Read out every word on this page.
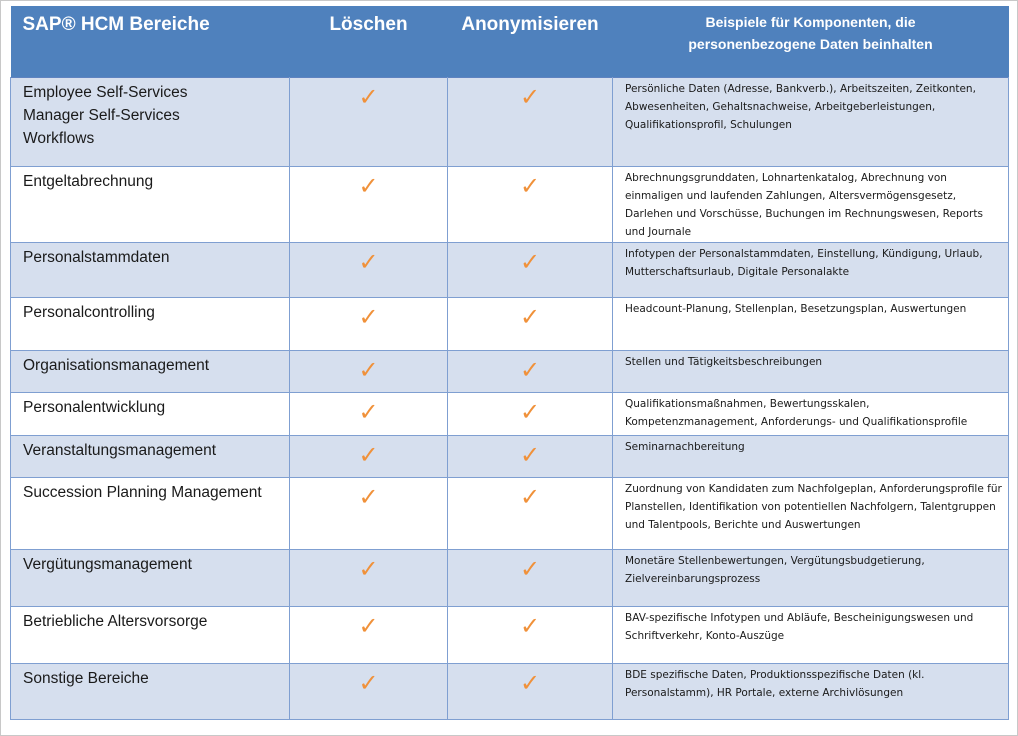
SAP® HCM Bereiche	Löschen	Anonymisieren	Beispiele für Komponenten, die
personenbezogene Daten beinhalten

Employee Self-Services
Manager Self-Services
Workflows	✓	✓	Persönliche Daten (Adresse, Bankverb.), Arbeitszeiten, Zeitkonten, Abwesenheiten, Gehaltsnachweise, Arbeitgeberleistungen, Qualifikationsprofil, Schulungen
Entgeltabrechnung	✓	✓	Abrechnungsgrunddaten, Lohnartenkatalog, Abrechnung von einmaligen und laufenden Zahlungen, Altersvermögensgesetz, Darlehen und Vorschüsse, Buchungen im Rechnungswesen, Reports und Journale
Personalstammdaten	✓	✓	Infotypen der Personalstammdaten, Einstellung, Kündigung, Urlaub, Mutterschaftsurlaub, Digitale Personalakte
Personalcontrolling	✓	✓	Headcount-Planung, Stellenplan, Besetzungsplan, Auswertungen
Organisationsmanagement	✓	✓	Stellen und Tätigkeitsbeschreibungen
Personalentwicklung	✓	✓	Qualifikationsmaßnahmen, Bewertungsskalen, Kompetenzmanagement, Anforderungs- und Qualifikationsprofile
Veranstaltungsmanagement	✓	✓	Seminarnachbereitung
Succession Planning Management	✓	✓	Zuordnung von Kandidaten zum Nachfolgeplan, Anforderungsprofile für Planstellen, Identifikation von potentiellen Nachfolgern, Talentgruppen und Talentpools, Berichte und Auswertungen
Vergütungsmanagement	✓	✓	Monetäre Stellenbewertungen, Vergütungsbudgetierung, Zielvereinbarungsprozess
Betriebliche Altersvorsorge	✓	✓	BAV-spezifische Infotypen und Abläufe, Bescheinigungswesen und Schriftverkehr, Konto-Auszüge
Sonstige Bereiche	✓	✓	BDE spezifische Daten, Produktionsspezifische Daten (kl. Personalstamm), HR Portale, externe Archivlösungen
